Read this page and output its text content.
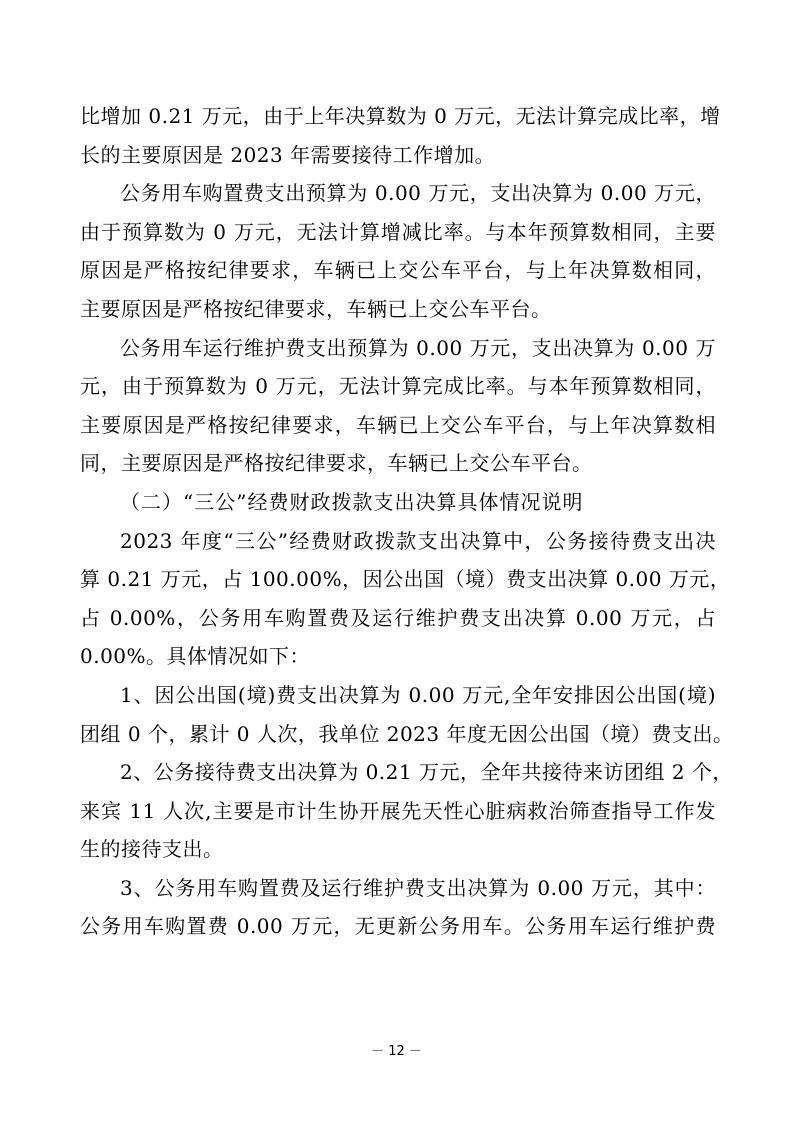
比增加 0.21 万元，由于上年决算数为 0 万元，无法计算完成比率，增
长的主要原因是 2023 年需要接待工作增加。
公务用车购置费支出预算为 0.00 万元，支出决算为 0.00 万元，
由于预算数为 0 万元，无法计算增减比率。与本年预算数相同，主要
原因是严格按纪律要求，车辆已上交公车平台，与上年决算数相同，
主要原因是严格按纪律要求，车辆已上交公车平台。
公务用车运行维护费支出预算为 0.00 万元，支出决算为 0.00 万
元，由于预算数为 0 万元，无法计算完成比率。与本年预算数相同，
主要原因是严格按纪律要求，车辆已上交公车平台，与上年决算数相
同，主要原因是严格按纪律要求，车辆已上交公车平台。
（二）“三公”经费财政拨款支出决算具体情况说明
2023 年度“三公”经费财政拨款支出决算中，公务接待费支出决
算 0.21 万元，占 100.00%，因公出国（境）费支出决算 0.00 万元，
占 0.00%，公务用车购置费及运行维护费支出决算 0.00 万元，占
0.00%。具体情况如下：
1、因公出国(境)费支出决算为 0.00 万元,全年安排因公出国(境)
团组 0 个，累计 0 人次，我单位 2023 年度无因公出国（境）费支出。
2、公务接待费支出决算为 0.21 万元，全年共接待来访团组 2 个，
来宾 11 人次,主要是市计生协开展先天性心脏病救治筛查指导工作发
生的接待支出。
3、公务用车购置费及运行维护费支出决算为 0.00 万元，其中：
公务用车购置费 0.00 万元，无更新公务用车。公务用车运行维护费
－ 12 －
